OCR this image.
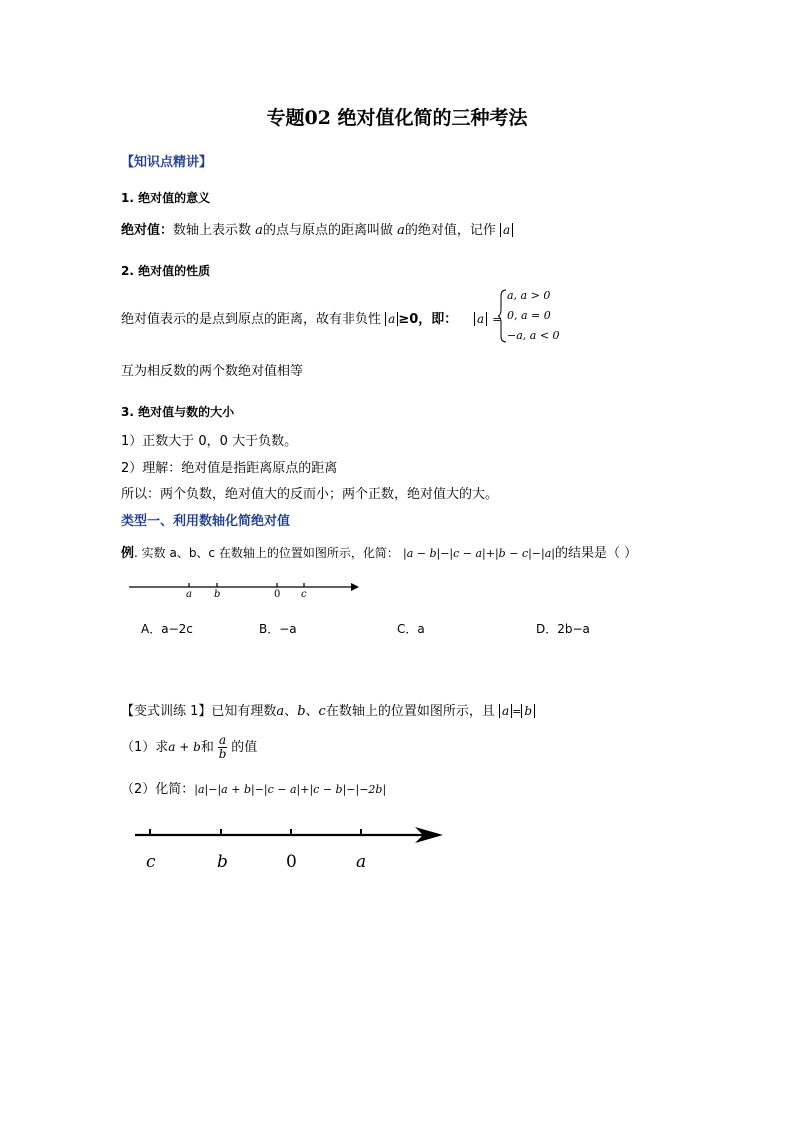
专题02 绝对值化简的三种考法
【知识点精讲】
1. 绝对值的意义
绝对值：数轴上表示数 a的点与原点的距离叫做 a的绝对值，记作 a
2. 绝对值的性质
绝对值表示的是点到原点的距离，故有非负性 a ≥0，即： a =
a, a > 0
0, a = 0
−a, a < 0
互为相反数的两个数绝对值相等
3. 绝对值与数的大小
1）正数大于 0，0 大于负数。
2）理解：绝对值是指距离原点的距离
所以：两个负数，绝对值大的反而小；两个正数，绝对值大的大。
类型一、利用数轴化简绝对值
例. 实数 a、b、c 在数轴上的位置如图所示，化简： |a − b|−|c − a|+|b − c|−|a|的结果是（ ）
a b	0 c
A．a−2c	B．−a	C．a	D．2b−a
【变式训练 1】已知有理数a、b、c在数轴上的位置如图所示，且 a = b
（1）求a + b和 $\frac{a}{b}$ 的值
（2）化简：|a|−|a + b|−|c − a|+|c − b|−|−2b|
c	b	0	a
